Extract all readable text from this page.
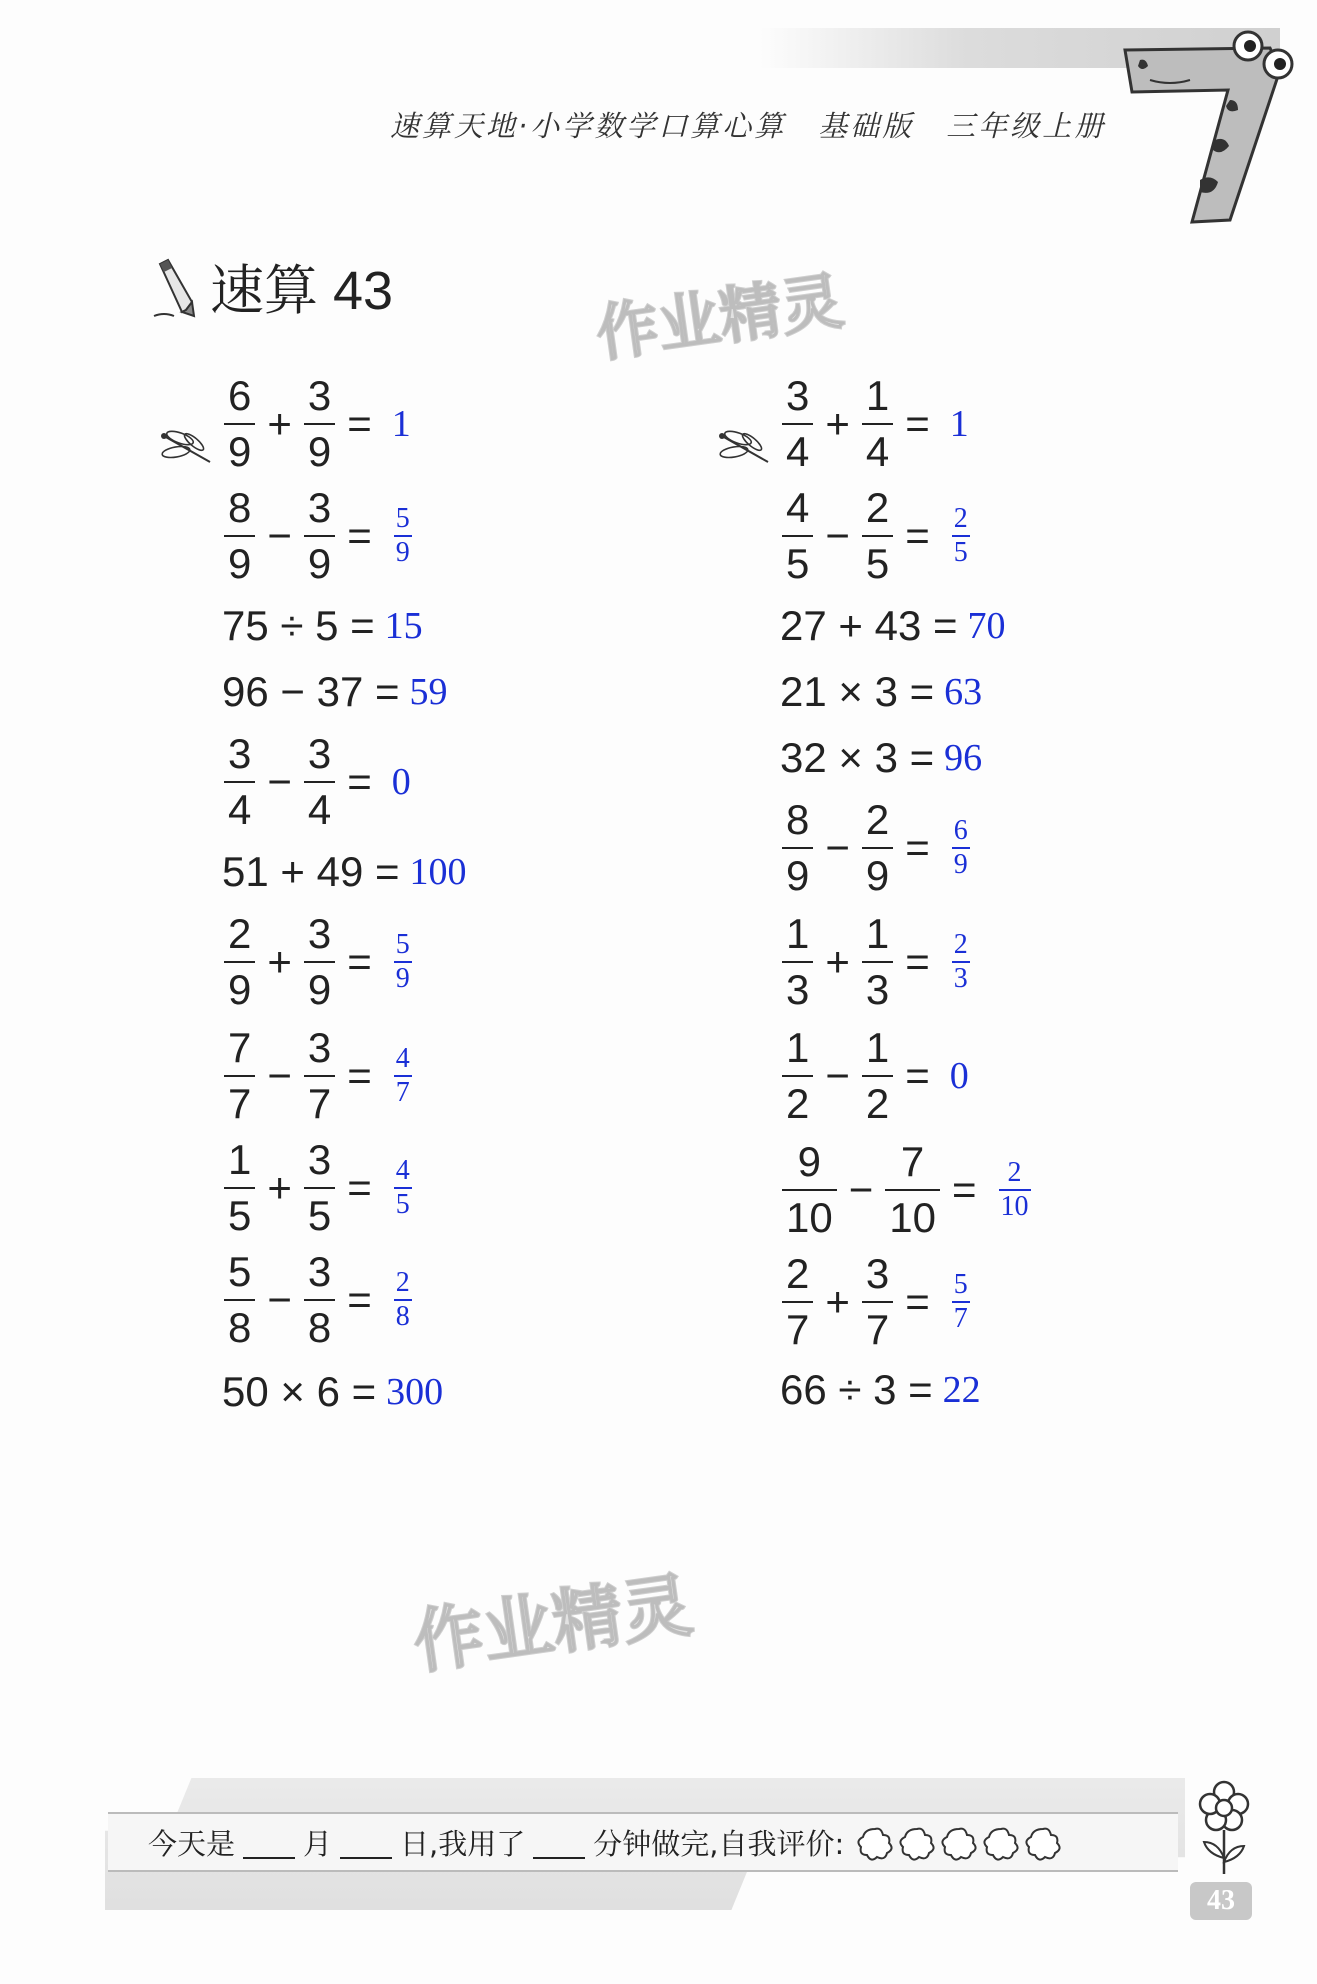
速算天地·小学数学口算心算　基础版　三年级上册
速算 43	作业精灵
$\frac{6}{9} + \frac{3}{9} = 1$
$\frac{8}{9} - \frac{3}{9} = \frac{5}{9}$
75 ÷ 5 = 15
96 − 37 = 59
$\frac{3}{4} - \frac{3}{4} = 0$
51 + 49 = 100
$\frac{2}{9} + \frac{3}{9} = \frac{5}{9}$
$\frac{7}{7} - \frac{3}{7} = \frac{4}{7}$
$\frac{1}{5} + \frac{3}{5} = \frac{4}{5}$
$\frac{5}{8} - \frac{3}{8} = \frac{2}{8}$
50 × 6 = 300
$\frac{3}{4} + \frac{1}{4} = 1$
$\frac{4}{5} - \frac{2}{5} = \frac{2}{5}$
27 + 43 = 70
21 × 3 = 63
32 × 3 = 96
$\frac{8}{9} - \frac{2}{9} = \frac{6}{9}$
$\frac{1}{3} + \frac{1}{3} = \frac{2}{3}$
$\frac{1}{2} - \frac{1}{2} = 0$
$\frac{9}{10} - \frac{7}{10} = \frac{2}{10}$
$\frac{2}{7} + \frac{3}{7} = \frac{5}{7}$
66 ÷ 3 = 22
作业精灵
今天是 月 日,我用了 分钟做完,自我评价:
43
